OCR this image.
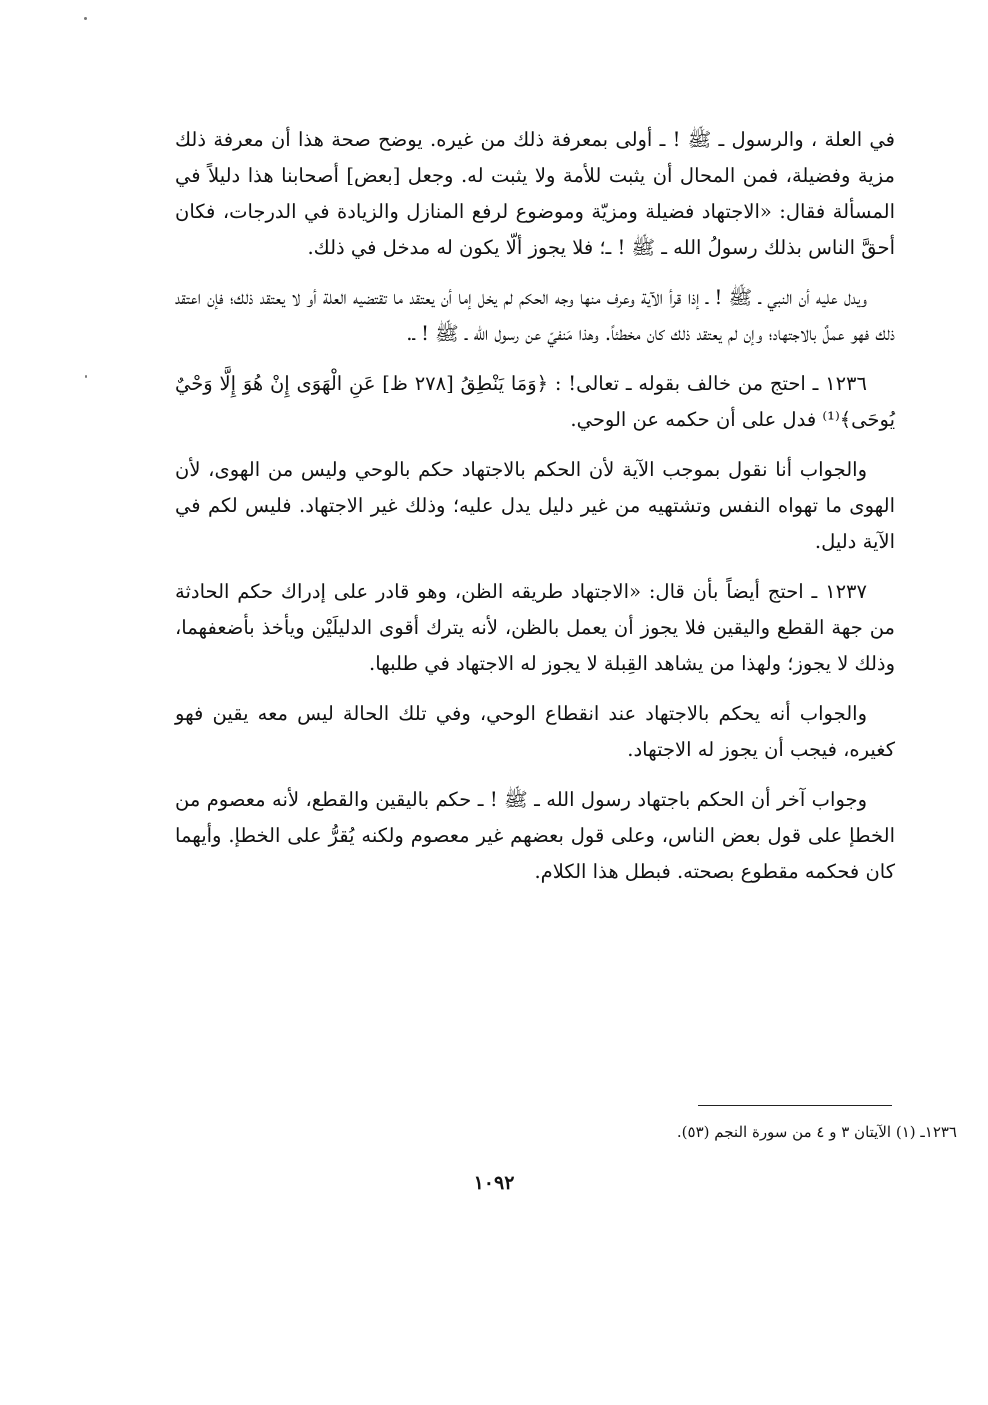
في العلة ، والرسول ـ ﷺ ! ـ أولى بمعرفة ذلك من غيره. يوضح صحة هذا أن معرفة ذلك مزية وفضيلة، فمن المحال أن يثبت للأمة ولا يثبت له. وجعل [بعض] أصحابنا هذا دليلاً في المسألة فقال: «الاجتهاد فضيلة ومزيّة وموضوع لرفع المنازل والزيادة في الدرجات، فكان أحقَّ الناس بذلك رسولُ الله ـ ﷺ ! ـ؛ فلا يجوز ألّا يكون له مدخل في ذلك.

ويدل عليه أن النبي ـ ﷺ ! ـ إذا قرأ الآية وعرف منها وجه الحكم لم يخل إما أن يعتقد ما تقتضيه العلة أو لا يعتقد ذلك؛ فإن اعتقد ذلك فهو عملٌ بالاجتهاد؛ وإن لم يعتقد ذلك كان مخطئاً. وهذا مَنفيّ عن رسول الله ـ ﷺ ! ـ.

١٢٣٦ ـ احتج من خالف بقوله ـ تعالى! : ﴿وَمَا يَنْطِقُ [٢٧٨ ظ] عَنِ الْهَوَى إِنْ هُوَ إِلَّا وَحْيٌ يُوحَى﴾⁽¹⁾ فدل على أن حكمه عن الوحي.

والجواب أنا نقول بموجب الآية لأن الحكم بالاجتهاد حكم بالوحي وليس من الهوى، لأن الهوى ما تهواه النفس وتشتهيه من غير دليل يدل عليه؛ وذلك غير الاجتهاد. فليس لكم في الآية دليل.

١٢٣٧ ـ احتج أيضاً بأن قال: «الاجتهاد طريقه الظن، وهو قادر على إدراك حكم الحادثة من جهة القطع واليقين فلا يجوز أن يعمل بالظن، لأنه يترك أقوى الدليلَيْن ويأخذ بأضعفهما، وذلك لا يجوز؛ ولهذا من يشاهد القِبلة لا يجوز له الاجتهاد في طلبها.

والجواب أنه يحكم بالاجتهاد عند انقطاع الوحي، وفي تلك الحالة ليس معه يقين فهو كغيره، فيجب أن يجوز له الاجتهاد.

وجواب آخر أن الحكم باجتهاد رسول الله ـ ﷺ ! ـ حكم باليقين والقطع، لأنه معصوم من الخطإ على قول بعض الناس، وعلى قول بعضهم غير معصوم ولكنه يُقرُّ على الخطإ. وأيهما كان فحكمه مقطوع بصحته. فبطل هذا الكلام.

١٢٣٦ـ (١) الآيتان ٣ و ٤ من سورة النجم (٥٣).
١٠٩٢
